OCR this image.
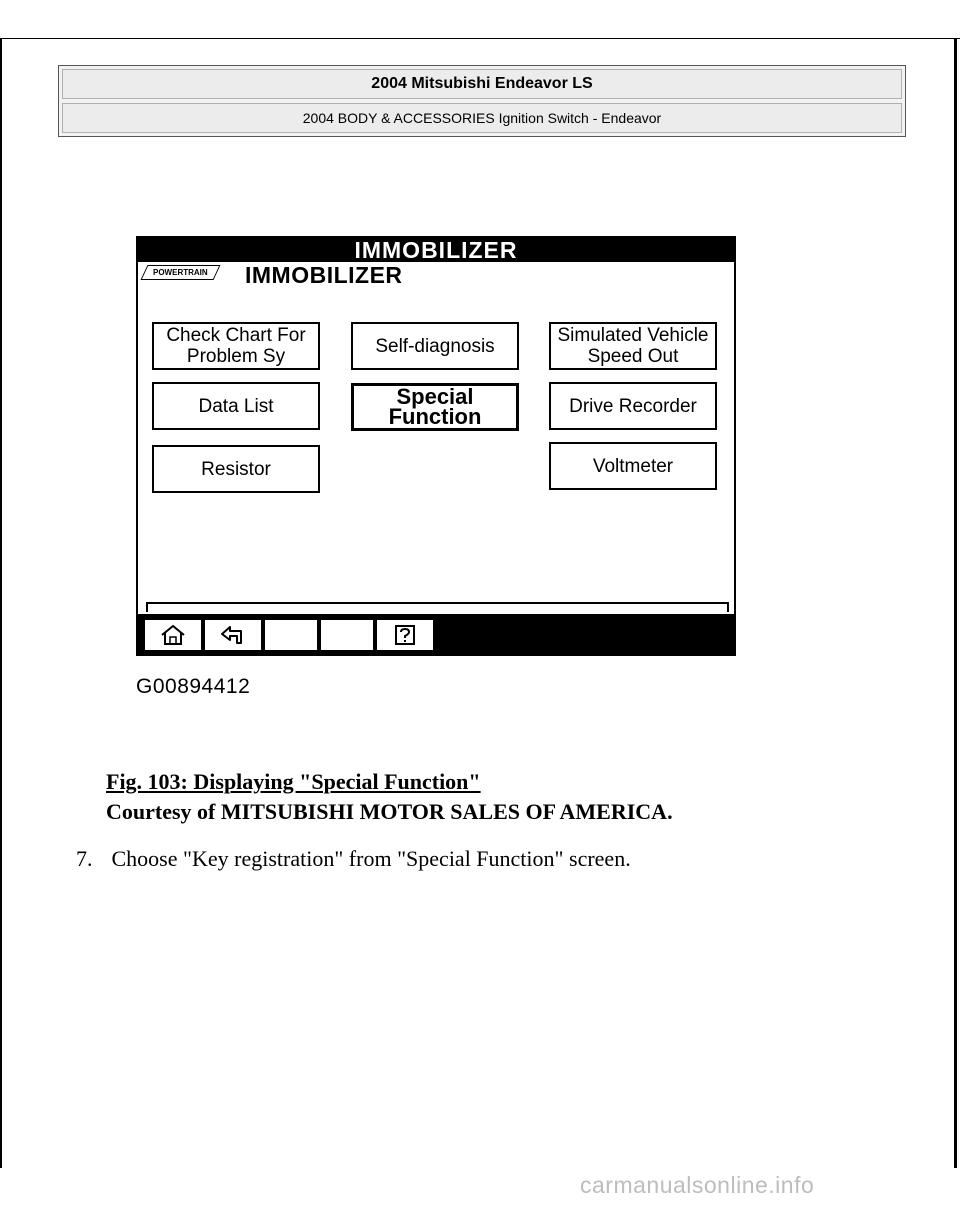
2004 Mitsubishi Endeavor LS
2004 BODY & ACCESSORIES Ignition Switch - Endeavor
IMMOBILIZER
POWERTRAIN	IMMOBILIZER
Check Chart For
Problem Sy	Self-diagnosis	Simulated Vehicle
Speed Out
Data List	Special
Function	Drive Recorder
Resistor	Voltmeter
G00894412
Fig. 103: Displaying "Special Function"
Courtesy of MITSUBISHI MOTOR SALES OF AMERICA.
7. Choose "Key registration" from "Special Function" screen.
carmanualsonline.info
